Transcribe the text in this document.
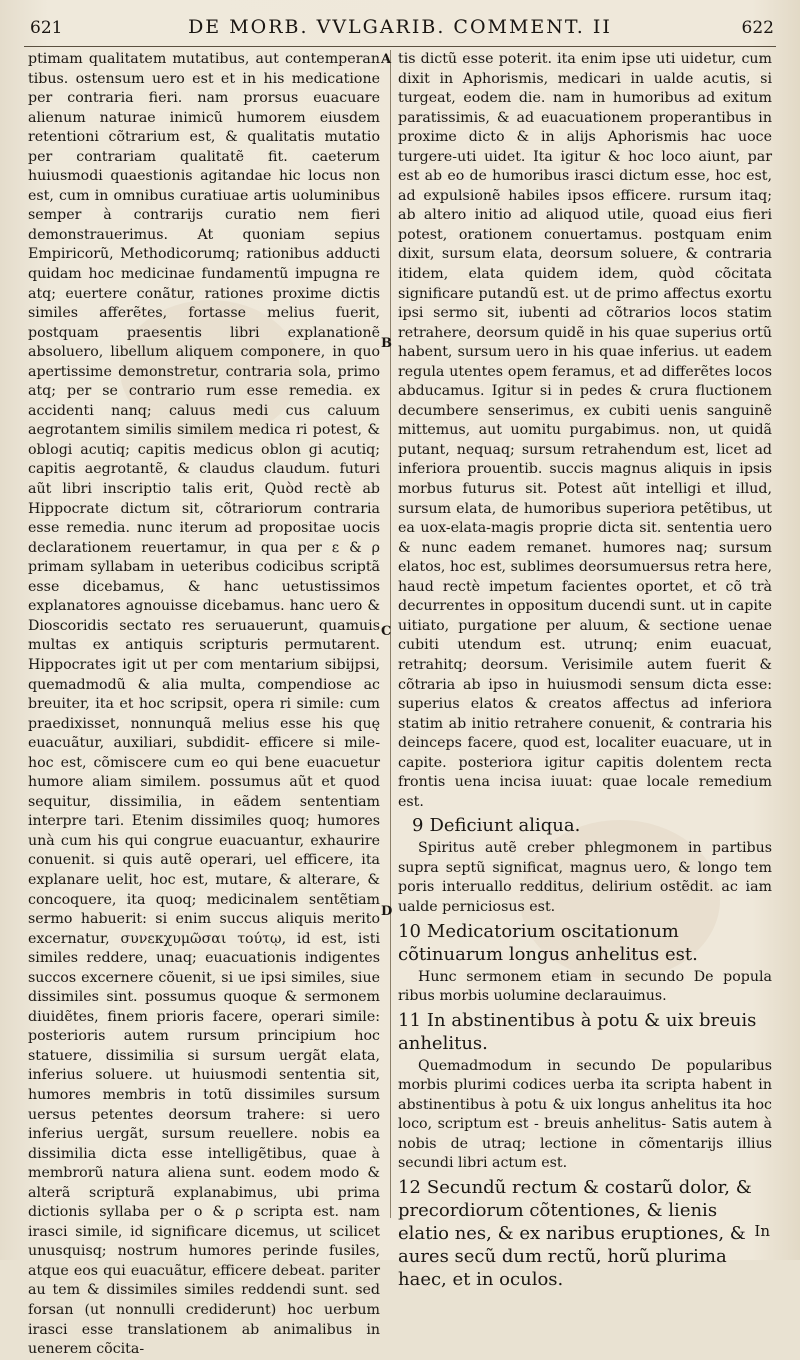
621	DE MORB. VVLGARIB. COMMENT. II	622

ptimam qualitatem mutatibus, aut contemperan tibus. ostensum uero est et in his medicatione per contraria fieri. nam prorsus euacuare alienum naturae inimicũ humorem eiusdem retentioni cõtrarium est, & qualitatis mutatio per contrariam qualitatẽ fit. caeterum huiusmodi quaestionis agitandae hic locus non est, cum in omnibus curatiuae artis uoluminibus semper à contrarijs curatio nem fieri demonstrauerimus. At quoniam sepius Empiricorũ, Methodicorumq; rationibus adducti quidam hoc medicinae fundamentũ impugna re atq; euertere conãtur, rationes proxime dictis similes afferẽtes, fortasse melius fuerit, postquam praesentis libri explanationẽ absoluero, libellum aliquem componere, in quo apertissime demonstretur, contraria sola, primo atq; per se contrario rum esse remedia. ex accidenti nanq; caluus medi cus caluum aegrotantem similis similem medica ri potest, & oblogi acutiq; capitis medicus oblon gi acutiq; capitis aegrotantẽ, & claudus claudum. futuri aũt libri inscriptio talis erit, Quòd rectè ab Hippocrate dictum sit, cõtrariorum contraria esse remedia. nunc iterum ad propositae uocis declarationem reuertamur, in qua per ε & ρ primam syllabam in ueteribus codicibus scriptã esse dicebamus, & hanc uetustissimos explanatores agnouisse dicebamus. hanc uero & Dioscoridis sectato res seruauerunt, quamuis multas ex antiquis scripturis permutarent. Hippocrates igit ut per com mentarium sibijpsi, quemadmodũ & alia multa, compendiose ac breuiter, ita et hoc scripsit, opera ri simile: cum praedixisset, nonnunquã melius esse his quę euacuãtur, auxiliari, subdidit- efficere si mile-hoc est, cõmiscere cum eo qui bene euacuetur humore aliam similem. possumus aũt et quod sequitur, dissimilia, in eãdem sententiam interpre tari. Etenim dissimiles quoq; humores unà cum his qui congrue euacuantur, exhaurire conuenit. si quis autẽ operari, uel efficere, ita explanare uelit, hoc est, mutare, & alterare, & concoquere, ita quoq; medicinalem sentẽtiam sermo habuerit: si enim succus aliquis merito excernatur, συνεκχυμῶσαι τούτῳ, id est, isti similes reddere, unaq; euacuationis indigentes succos excernere cõuenit, si ue ipsi similes, siue dissimiles sint. possumus quoque & sermonem diuidẽtes, finem prioris facere, operari simile: posterioris autem rursum principium hoc statuere, dissimilia si sursum uergãt elata, inferius soluere. ut huiusmodi sententia sit, humores membris in totũ dissimiles sursum uersus petentes deorsum trahere: si uero inferius uergãt, sursum reuellere. nobis ea dissimilia dicta esse intelligẽtibus, quae à membrorũ natura aliena sunt. eodem modo & alterã scripturã explanabimus, ubi prima dictionis syllaba per ο & ρ scripta est. nam irasci simile, id significare dicemus, ut scilicet unusquisq; nostrum humores perinde fusiles, atque eos qui euacuãtur, efficere debeat. pariter au tem & dissimiles similes reddendi sunt. sed forsan (ut nonnulli crediderunt) hoc uerbum irasci esse translationem ab animalibus in uenerem cõcita-

A
B
C
D

tis dictũ esse poterit. ita enim ipse uti uidetur, cum dixit in Aphorismis, medicari in ualde acutis, si turgeat, eodem die. nam in humoribus ad exitum paratissimis, & ad euacuationem properantibus in proxime dicto & in alijs Aphorismis hac uoce turgere-uti uidet. Ita igitur & hoc loco aiunt, par est ab eo de humoribus irasci dictum esse, hoc est, ad expulsionẽ habiles ipsos efficere. rursum itaq; ab altero initio ad aliquod utile, quoad eius fieri potest, orationem conuertamus. postquam enim dixit, sursum elata, deorsum soluere, & contraria itidem, elata quidem idem, quòd cõcitata significare putandũ est. ut de primo affectus exortu ipsi sermo sit, iubenti ad cõtrarios locos statim retrahere, deorsum quidẽ in his quae superius ortũ habent, sursum uero in his quae inferius. ut eadem regula utentes opem feramus, et ad differẽtes locos abducamus. Igitur si in pedes & crura fluctionem decumbere senserimus, ex cubiti uenis sanguinẽ mittemus, aut uomitu purgabimus. non, ut quidã putant, nequaq; sursum retrahendum est, licet ad inferiora prouentib. succis magnus aliquis in ipsis morbus futurus sit. Potest aũt intelligi et illud, sursum elata, de humoribus superiora petẽtibus, ut ea uox-elata-magis proprie dicta sit. sententia uero & nunc eadem remanet. humores naq; sursum elatos, hoc est, sublimes deorsumuersus retra here, haud rectè impetum facientes oportet, et cõ trà decurrentes in oppositum ducendi sunt. ut in capite uitiato, purgatione per aluum, & sectione uenae cubiti utendum est. utrunq; enim euacuat, retrahitq; deorsum. Verisimile autem fuerit & cõtraria ab ipso in huiusmodi sensum dicta esse: superius elatos & creatos affectus ad inferiora statim ab initio retrahere conuenit, & contraria his deinceps facere, quod est, localiter euacuare, ut in capite. posteriora igitur capitis dolentem recta frontis uena incisa iuuat: quae locale remedium est.

9 Deficiunt aliqua.

Spiritus autẽ creber phlegmonem in partibus supra septũ significat, magnus uero, & longo tem poris interuallo redditus, delirium ostẽdit. ac iam ualde perniciosus est.

10 Medicatorium oscitationum cõtinuarum longus anhelitus est.

Hunc sermonem etiam in secundo De popula ribus morbis uolumine declarauimus.

11 In abstinentibus à potu & uix breuis anhelitus.

Quemadmodum in secundo De popularibus morbis plurimi codices uerba ita scripta habent in abstinentibus à potu & uix longus anhelitus ita hoc loco, scriptum est - breuis anhelitus- Satis autem à nobis de utraq; lectione in cõmentarijs illius secundi libri actum est.

12 Secundũ rectum & costarũ dolor, & precordiorum cõtentiones, & lienis elatio nes, & ex naribus eruptiones, & aures secũ dum rectũ, horũ plurima haec, et in oculos.

In
